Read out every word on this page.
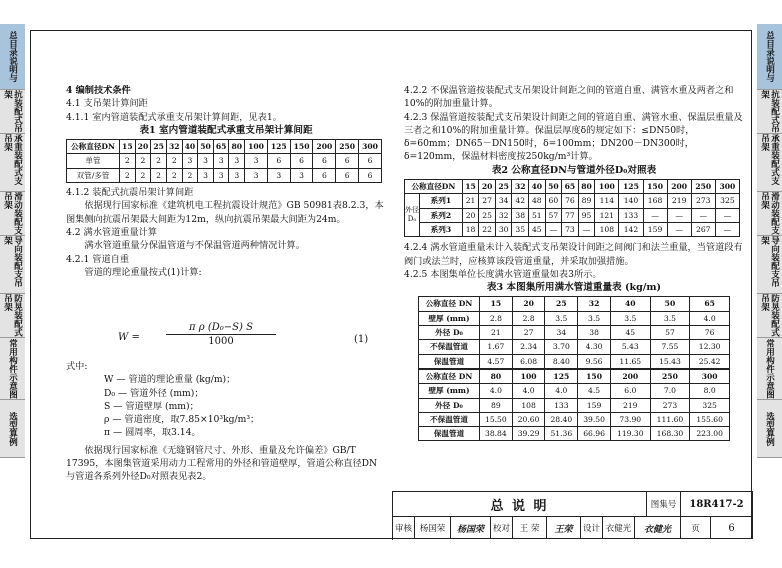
总目录说明与
抗装配式吊架
承重装配式支吊架
滑动装配支吊架
导向装配支吊架
防晃装配式吊架
常用构件示意图
选型算例
总目录说明与
抗装配式吊架
承重装配式支吊架
滑动装配支吊架
导向装配支吊架
防晃装配式吊架
常用构件示意图
选型算例

4 编制技术条件

4.1 支吊架计算间距

4.1.1 室内管道装配式承重支吊架计算间距，见表1。

表1 室内管道装配式承重支吊架计算间距

公称直径DN	15	20	25	32	40	50	65	80	100	125	150	200	250	300
单管	2	2	2	2	3	3	3	3	3	6	6	6	6	6
双管/多管	2	2	2	2	2	3	3	3	3	3	3	6	6	6

4.1.2 装配式抗震吊架计算间距

依据现行国家标准《建筑机电工程抗震设计规范》GB 50981表8.2.3，本图集侧向抗震吊架最大间距为12m，纵向抗震吊架最大间距为24m。

4.2 满水管道重量计算

满水管道重量分保温管道与不保温管道两种情况计算。

4.2.1 管道自重

管道的理论重量按式(1)计算:

W =	$\frac{\text{π ρ (D₀−S) S}}{1000}$	(1)

式中:

W — 管道的理论重量 (kg/m)；

D₀ — 管道外径 (mm)；

S — 管道壁厚 (mm)；

ρ — 管道密度，取7.85×10³kg/m³；

π — 圆周率，取3.14。

依据现行国家标准《无缝钢管尺寸、外形、重量及允许偏差》GB/T 17395，本图集管道采用动力工程常用的外径和管道壁厚，管道公称直径DN与管道各系列外径D₀对照表见表2。

4.2.2 不保温管道按装配式支吊架设计间距之间的管道自重、满管水重及两者之和10%的附加重量计算。

4.2.3 保温管道按装配式支吊架设计间距之间的管道自重、满管水重、保温层重量及三者之和10%的附加重量计算。保温层厚度δ的规定如下：≤DN50时，δ=60mm；DN65－DN150时，δ=100mm；DN200－DN300时，δ=120mm，保温材料密度按250kg/m³计算。

表2 公称直径DN与管道外径D₀对照表

公称直径DN		15	20	25	32	40	50	65	80	100	125	150	200	250	300
外径D₀	系列1	21	27	34	42	48	60	76	89	114	140	168	219	273	325
	系列2	20	25	32	38	51	57	77	95	121	133	—	—	—	—
	系列3	18	22	30	35	45	—	73	—	108	142	159	—	267	—

4.2.4 满水管道重量未计入装配式支吊架设计间距之间阀门和法兰重量，当管道段有阀门或法兰时，应核算该段管道重量，并采取加强措施。

4.2.5 本图集单位长度满水管道重量如表3所示。

表3 本图集所用满水管道重量表 (kg/m)

公称直径 DN	15	20	25	32	40	50	65
壁厚 (mm)	2.8	2.8	3.5	3.5	3.5	3.5	4.0
外径 D₀	21	27	34	38	45	57	76
不保温管道	1.67	2.34	3.70	4.30	5.43	7.55	12.30
保温管道	4.57	6.08	8.40	9.56	11.65	15.43	25.42
公称直径 DN	80	100	125	150	200	250	300
壁厚 (mm)	4.0	4.0	4.0	4.5	6.0	7.0	8.0
外径 D₀	89	108	133	159	219	273	325
不保温管道	15.50	20.60	28.40	39.50	73.90	111.60	155.60
保温管道	38.84	39.29	51.36	66.96	119.30	168.30	223.00
总 说 明	图集号	18R417-2
审核 杨国荣	杨国荣	校对	王 荣	王荣	设计 衣健光	衣健光	页	6
